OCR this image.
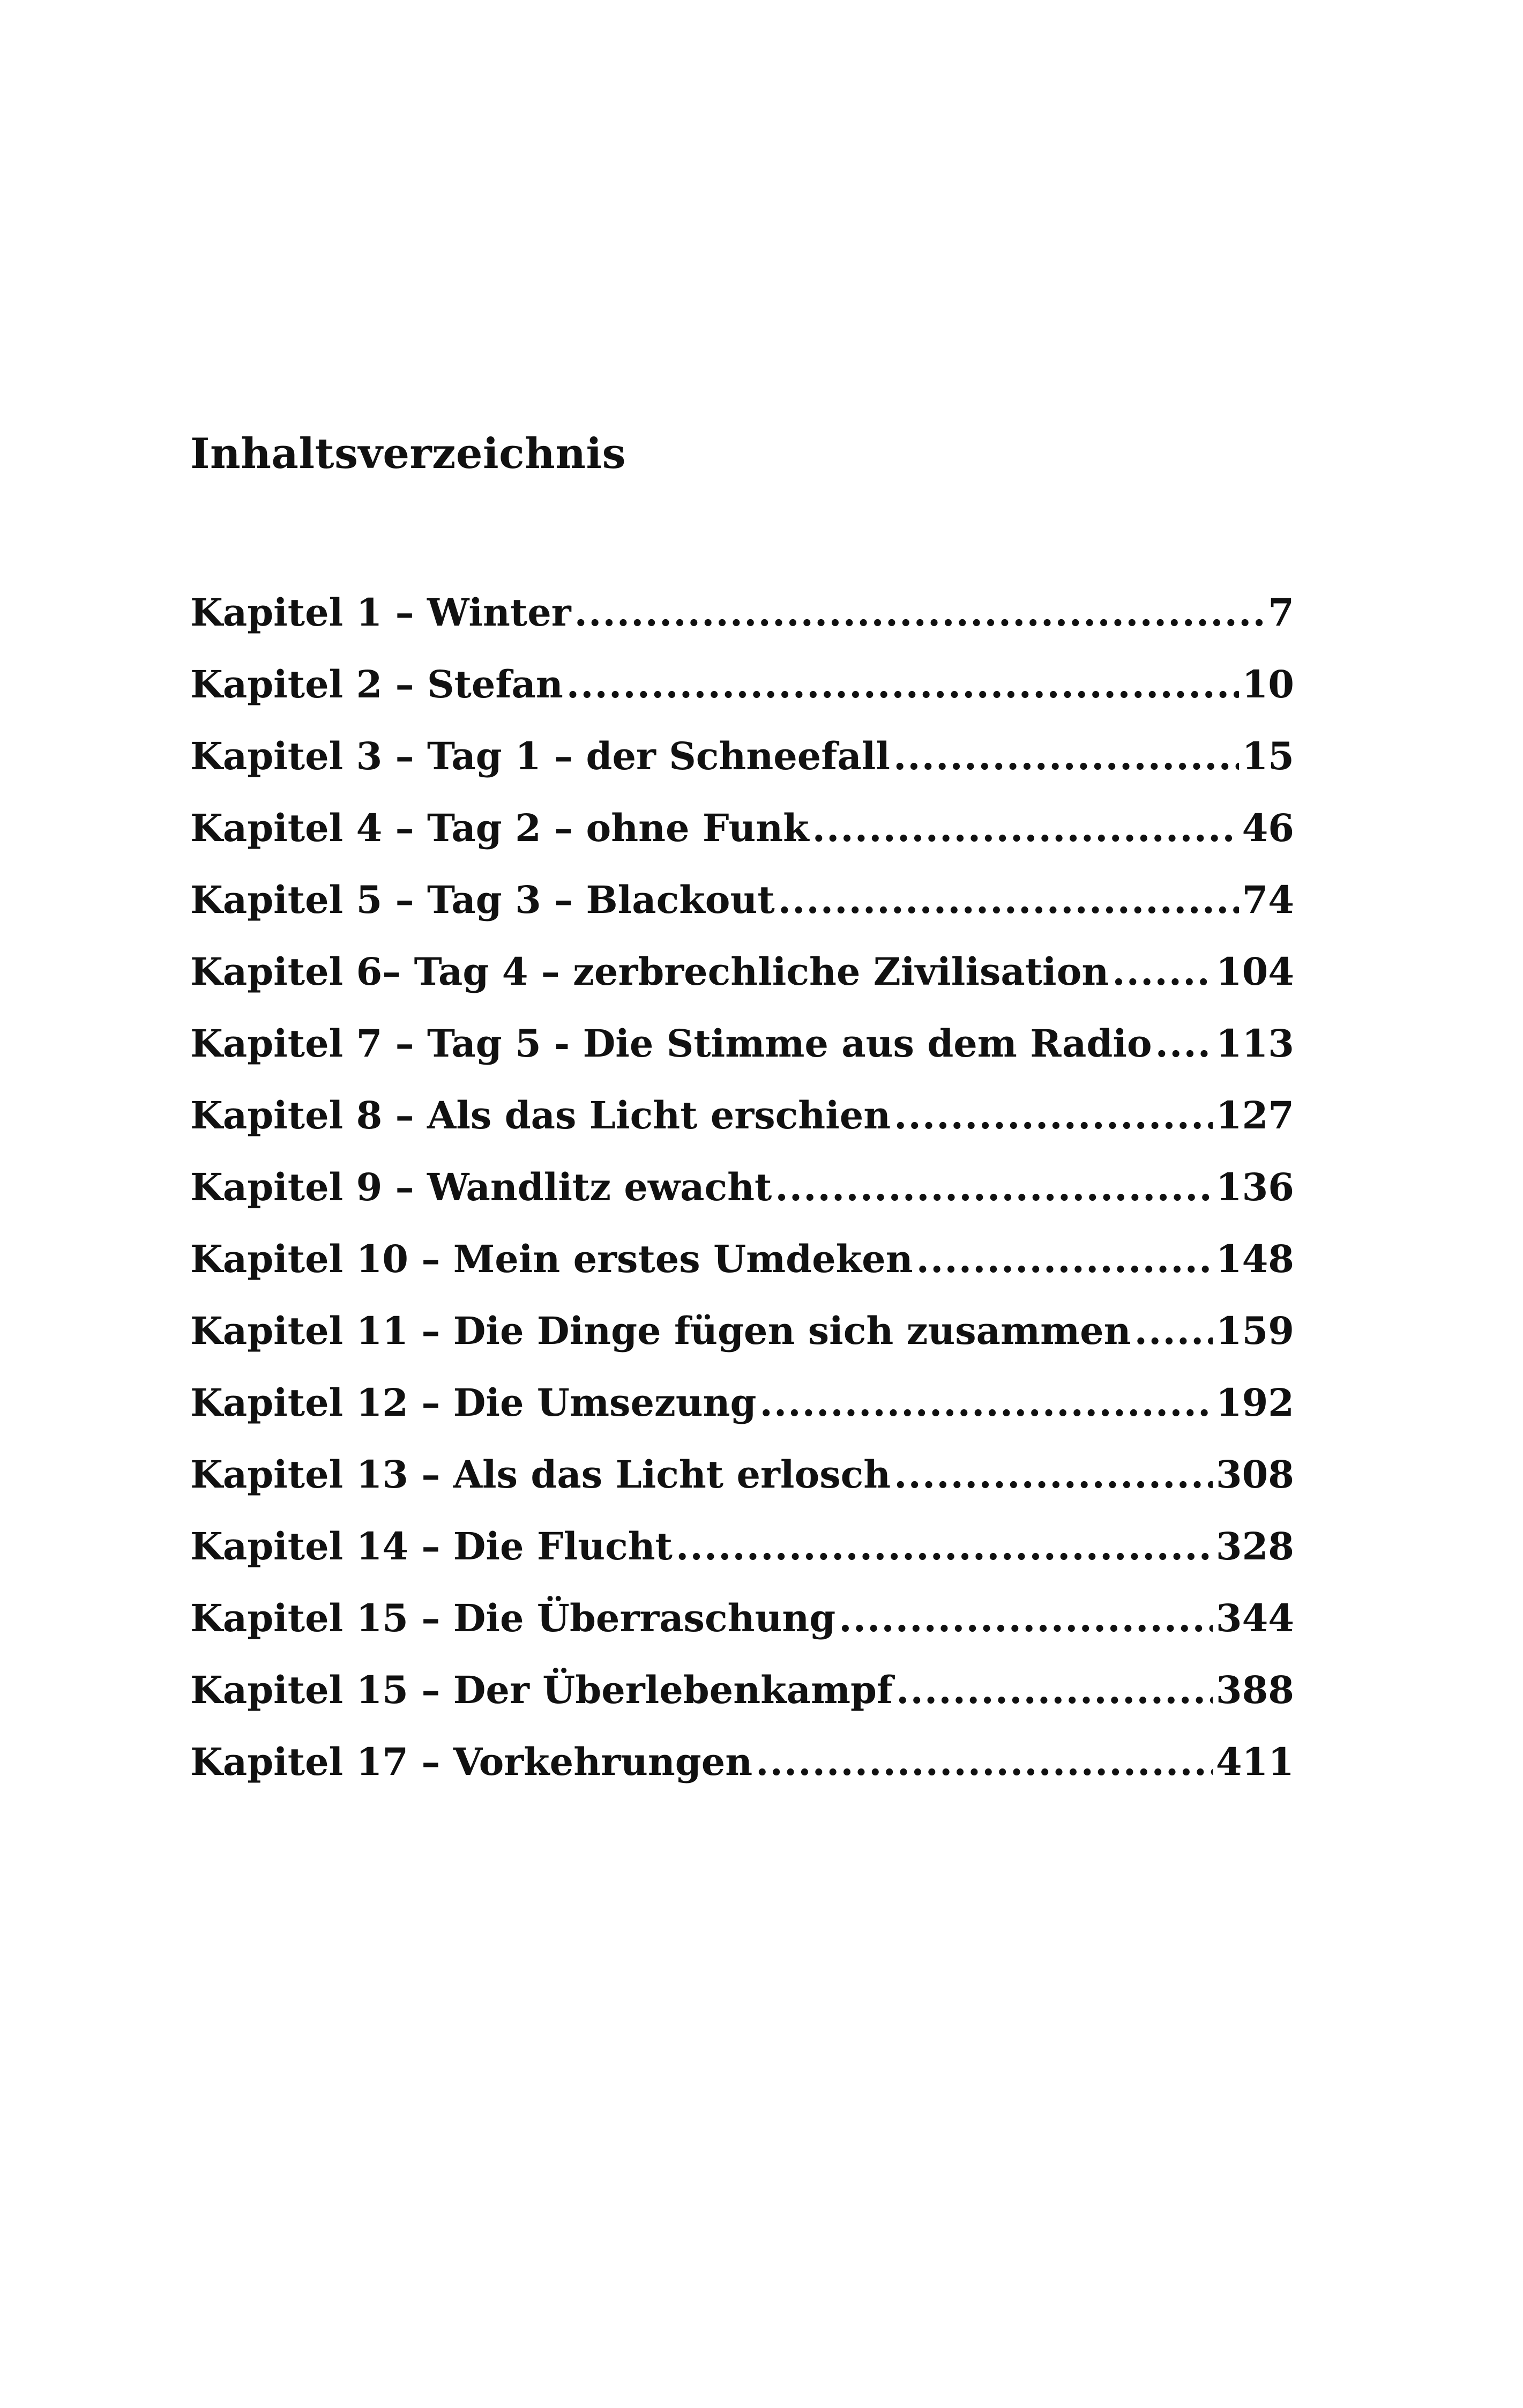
Inhaltsverzeichnis
Kapitel 1 – Winter .....	7
Kapitel 2 – Stefan .....	10
Kapitel 3 – Tag 1 – der Schneefall .....	15
Kapitel 4 – Tag 2 – ohne Funk .....	46
Kapitel 5 – Tag 3 – Blackout .....	74
Kapitel 6– Tag 4 – zerbrechliche Zivilisation .....	104
Kapitel 7 – Tag 5 - Die Stimme aus dem Radio ..... 113
Kapitel 8 – Als das Licht erschien .....	127
Kapitel 9 – Wandlitz ewacht .....	136
Kapitel 10 – Mein erstes Umdeken .....	148
Kapitel 11 – Die Dinge fügen sich zusammen ..... 159
Kapitel 12 – Die Umsezung .....	192
Kapitel 13 – Als das Licht erlosch .....	308
Kapitel 14 – Die Flucht .....	328
Kapitel 15 – Die Überraschung .....	344
Kapitel 15 – Der Überlebenkampf .....	388
Kapitel 17 – Vorkehrungen .....	411
